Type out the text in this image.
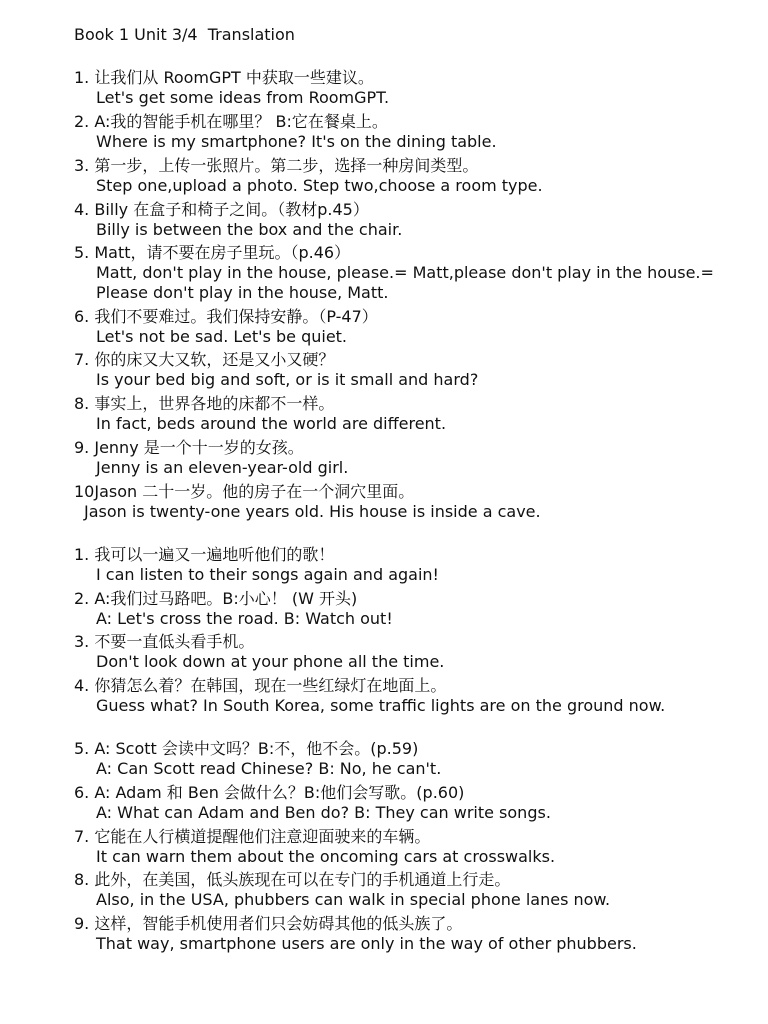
Book 1 Unit 3/4  Translation
1. 让我们从 RoomGPT 中获取一些建议。
Let's get some ideas from RoomGPT.
2. A:我的智能手机在哪里？ B:它在餐桌上。
Where is my smartphone? It's on the dining table.
3. 第一步，上传一张照片。第二步，选择一种房间类型。
Step one,upload a photo. Step two,choose a room type.
4. Billy 在盒子和椅子之间。（教材p.45）
Billy is between the box and the chair.
5. Matt，请不要在房子里玩。（p.46）
Matt, don't play in the house, please.= Matt,please don't play in the house.= Please don't play in the house, Matt.
6. 我们不要难过。我们保持安静。（P-47）
Let's not be sad. Let's be quiet.
7. 你的床又大又软，还是又小又硬？
Is your bed big and soft, or is it small and hard?
8. 事实上，世界各地的床都不一样。
In fact, beds around the world are different.
9. Jenny 是一个十一岁的女孩。
Jenny is an eleven-year-old girl.
10Jason 二十一岁。他的房子在一个洞穴里面。
Jason is twenty-one years old. His house is inside a cave.
1. 我可以一遍又一遍地听他们的歌！
I can listen to their songs again and again!
2. A:我们过马路吧。B:小心！ (W 开头)
A: Let's cross the road. B: Watch out!
3. 不要一直低头看手机。
Don't look down at your phone all the time.
4. 你猜怎么着？在韩国，现在一些红绿灯在地面上。
Guess what? In South Korea, some traffic lights are on the ground now.
5. A: Scott 会读中文吗？B:不，他不会。(p.59)
A: Can Scott read Chinese? B: No, he can't.
6. A: Adam 和 Ben 会做什么？B:他们会写歌。(p.60)
A: What can Adam and Ben do? B: They can write songs.
7. 它能在人行横道提醒他们注意迎面驶来的车辆。
It can warn them about the oncoming cars at crosswalks.
8. 此外，在美国，低头族现在可以在专门的手机通道上行走。
Also, in the USA, phubbers can walk in special phone lanes now.
9. 这样，智能手机使用者们只会妨碍其他的低头族了。
That way, smartphone users are only in the way of other phubbers.
